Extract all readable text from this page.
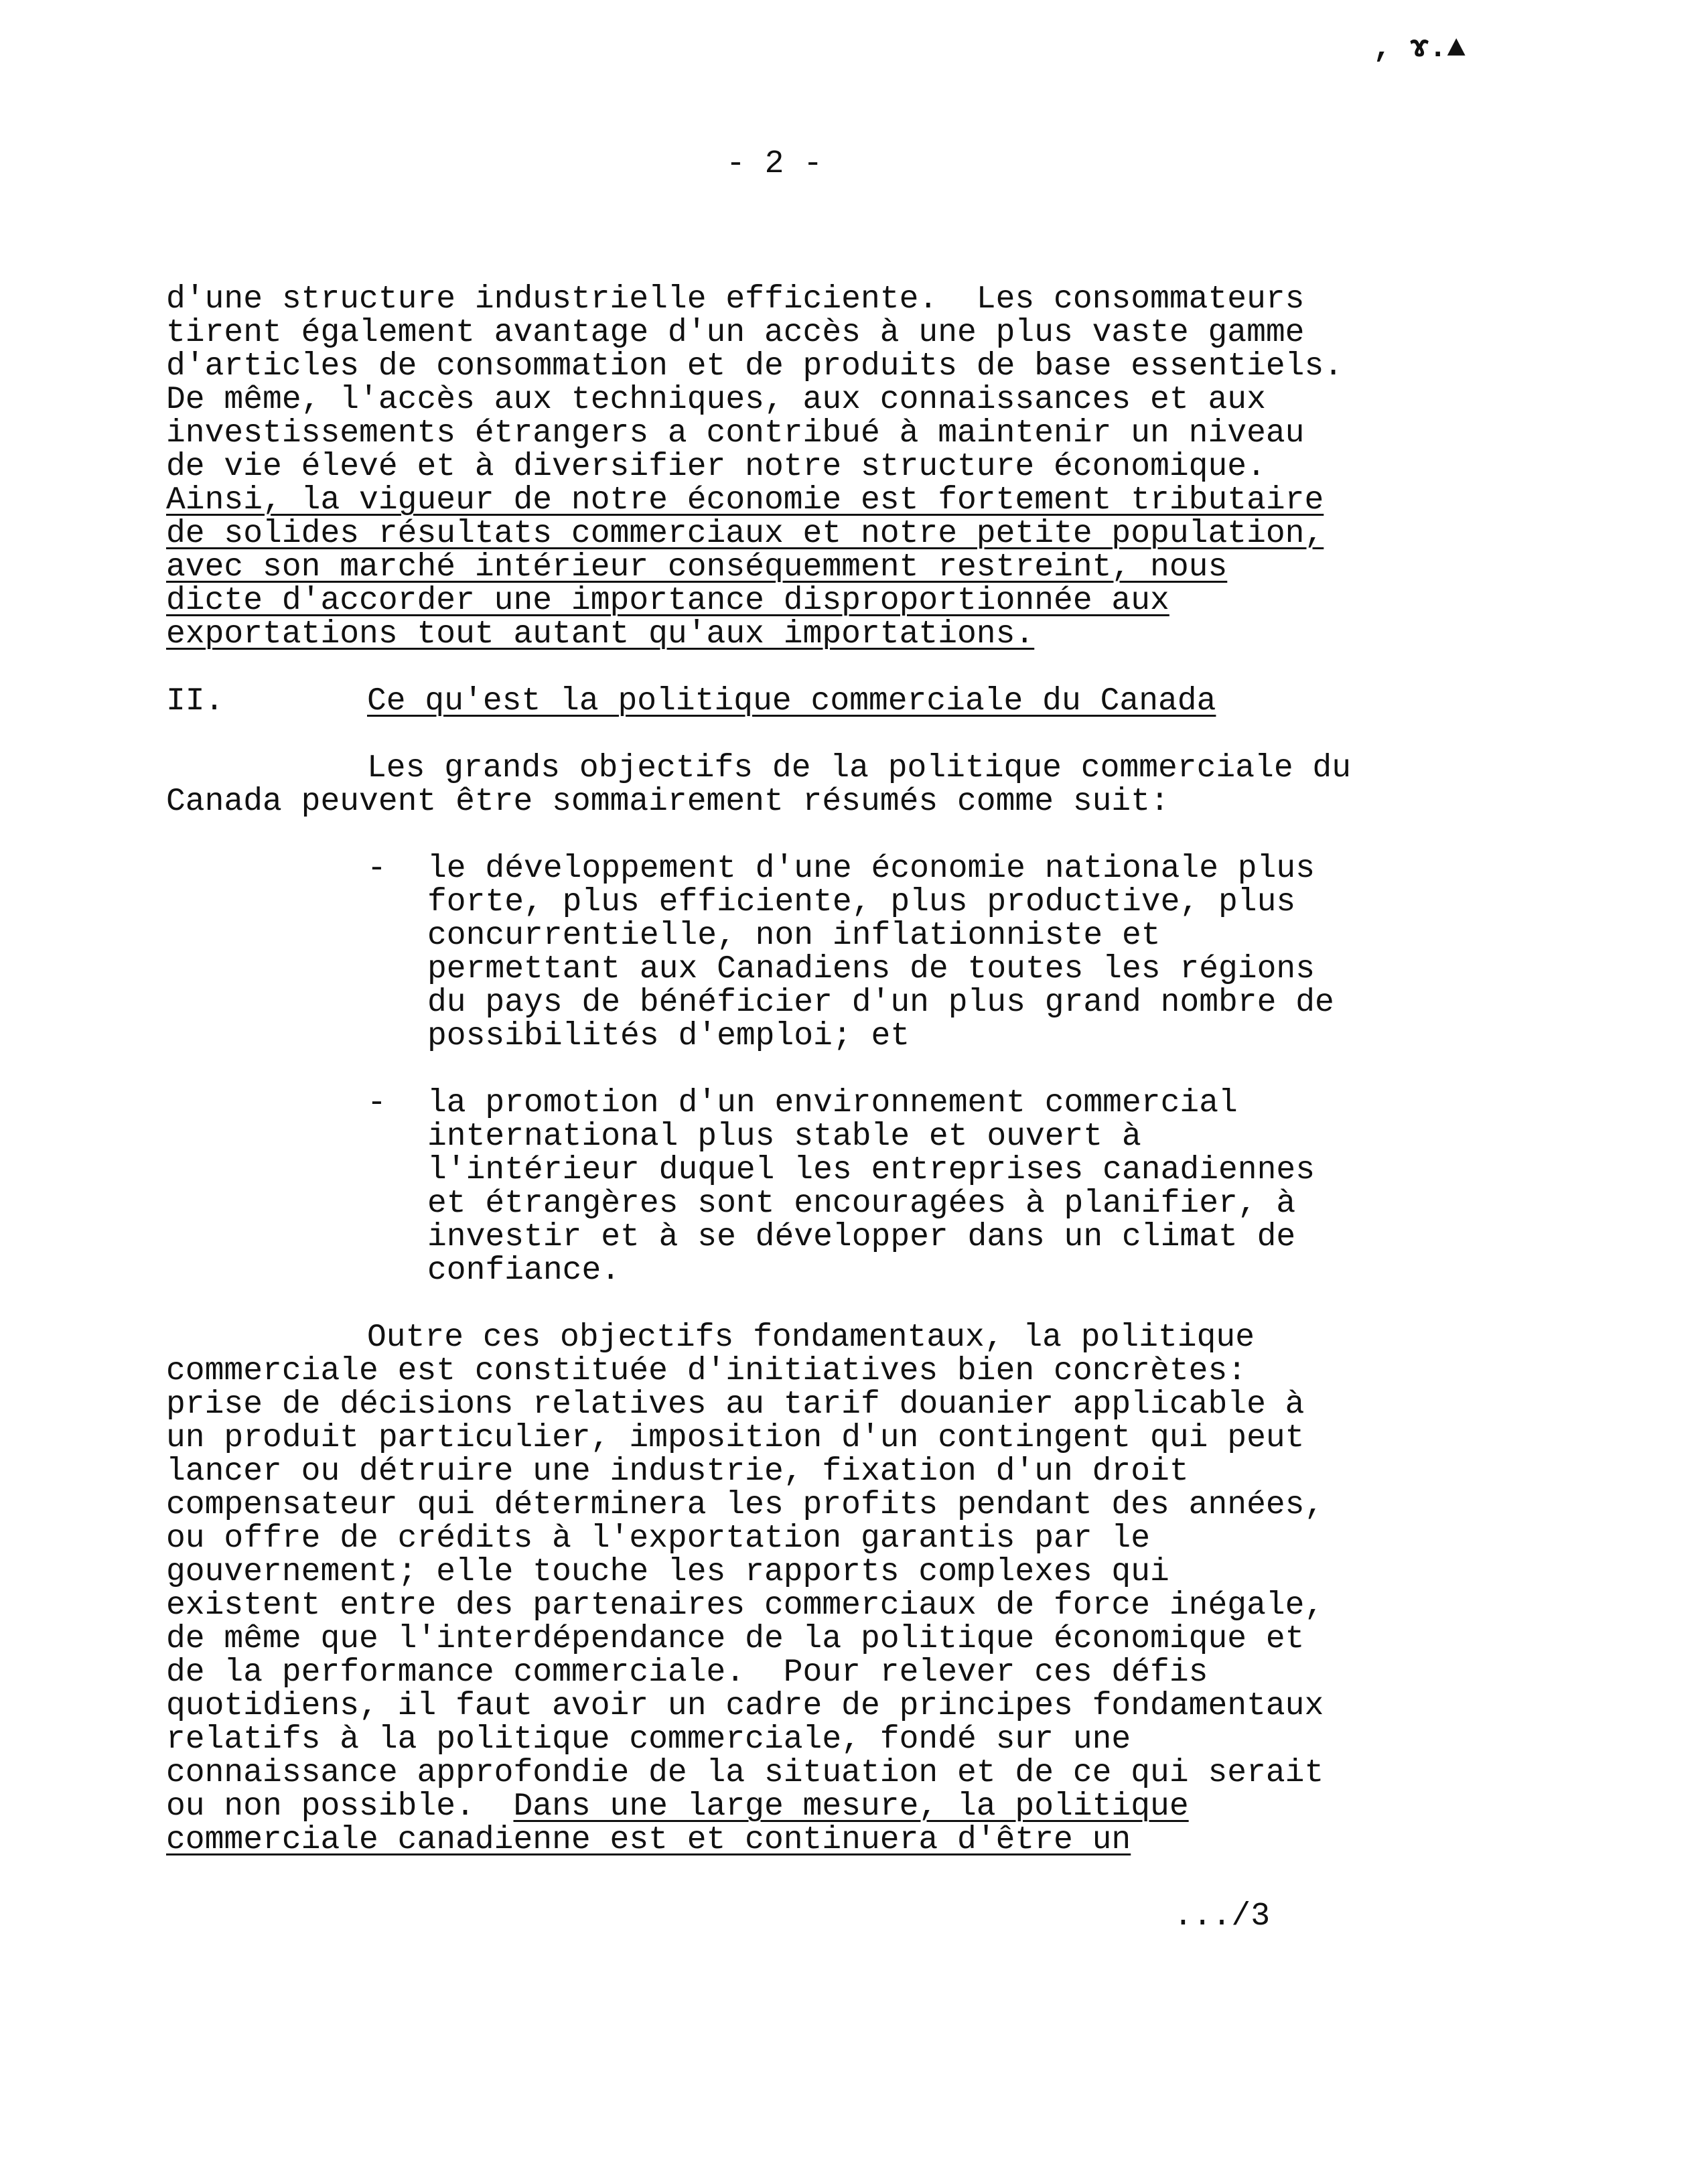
, ɤ.▲
- 2 -
d'une structure industrielle efficiente.  Les consommateurs
tirent également avantage d'un accès à une plus vaste gamme
d'articles de consommation et de produits de base essentiels.
De même, l'accès aux techniques, aux connaissances et aux
investissements étrangers a contribué à maintenir un niveau
de vie élevé et à diversifier notre structure économique.
Ainsi, la vigueur de notre économie est fortement tributaire
de solides résultats commerciaux et notre petite population,
avec son marché intérieur conséquemment restreint, nous
dicte d'accorder une importance disproportionnée aux
exportations tout autant qu'aux importations.
II.	Ce qu'est la politique commerciale du Canada
Les grands objectifs de la politique commerciale du
Canada peuvent être sommairement résumés comme suit:
- le développement d'une économie nationale plus
forte, plus efficiente, plus productive, plus
concurrentielle, non inflationniste et
permettant aux Canadiens de toutes les régions
du pays de bénéficier d'un plus grand nombre de
possibilités d'emploi; et
- la promotion d'un environnement commercial
international plus stable et ouvert à
l'intérieur duquel les entreprises canadiennes
et étrangères sont encouragées à planifier, à
investir et à se développer dans un climat de
confiance.
Outre ces objectifs fondamentaux, la politique
commerciale est constituée d'initiatives bien concrètes:
prise de décisions relatives au tarif douanier applicable à
un produit particulier, imposition d'un contingent qui peut
lancer ou détruire une industrie, fixation d'un droit
compensateur qui déterminera les profits pendant des années,
ou offre de crédits à l'exportation garantis par le
gouvernement; elle touche les rapports complexes qui
existent entre des partenaires commerciaux de force inégale,
de même que l'interdépendance de la politique économique et
de la performance commerciale.  Pour relever ces défis
quotidiens, il faut avoir un cadre de principes fondamentaux
relatifs à la politique commerciale, fondé sur une
connaissance approfondie de la situation et de ce qui serait
ou non possible.  Dans une large mesure, la politique
commerciale canadienne est et continuera d'être un
.../3
